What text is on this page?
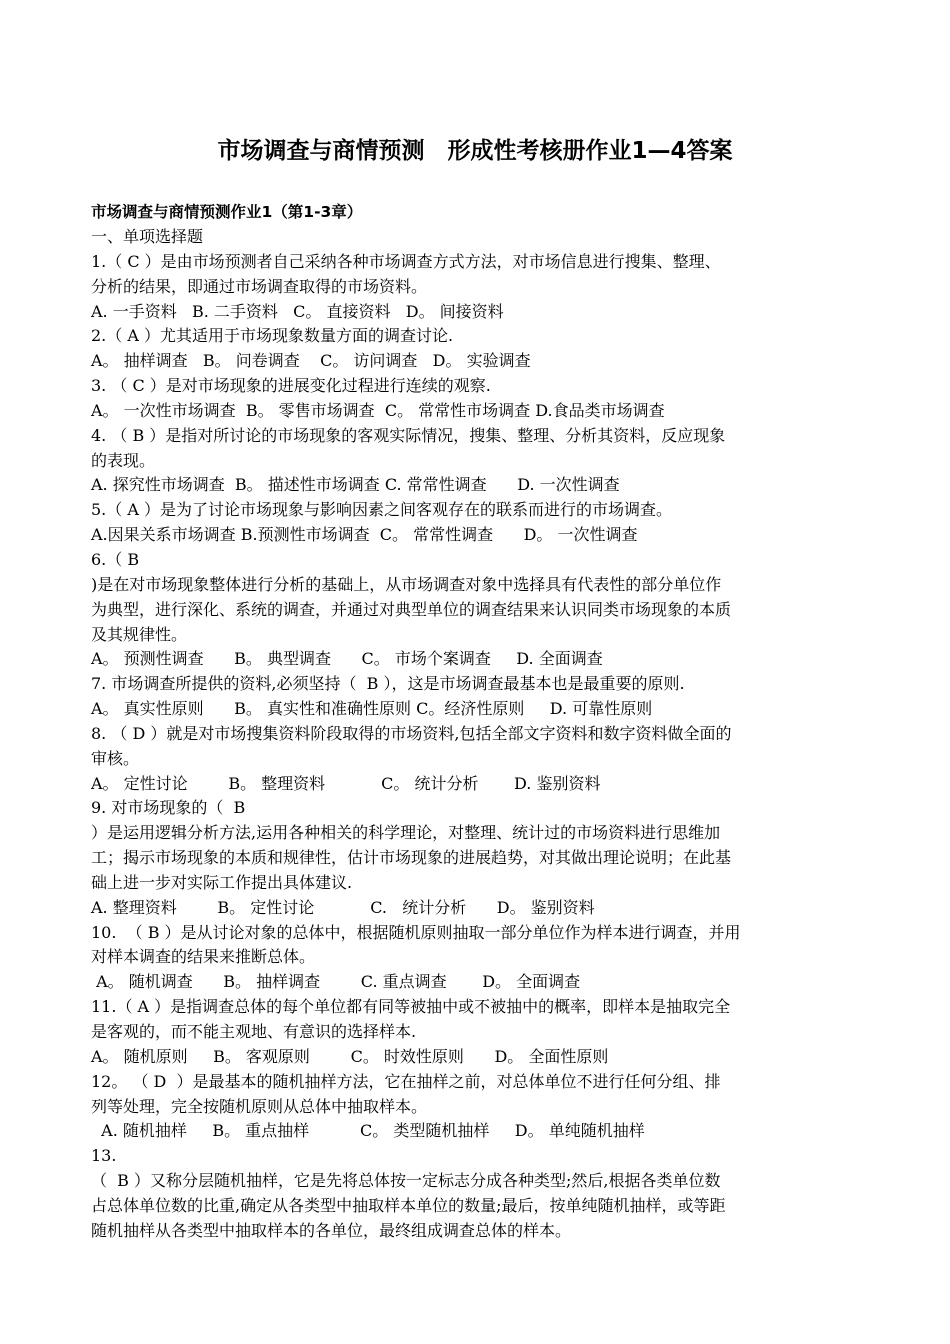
市场调查与商情预测　形成性考核册作业1—4答案
市场调查与商情预测作业1（第1-3章）
一、单项选择题
1.（ C ）是由市场预测者自己采纳各种市场调查方式方法，对市场信息进行搜集、整理、
分析的结果，即通过市场调查取得的市场资料。
A. 一手资料   B. 二手资料   C。 直接资料   D。 间接资料
2.（ A ）尤其适用于市场现象数量方面的调查讨论.
A。 抽样调查   B。 问卷调查    C。 访问调查   D。 实验调查
3. （ C ）是对市场现象的进展变化过程进行连续的观察.
A。 一次性市场调查  B。 零售市场调查  C。 常常性市场调查 D.食品类市场调查
4. （ B ）是指对所讨论的市场现象的客观实际情况，搜集、整理、分析其资料，反应现象
的表现。
A. 探究性市场调查  B。 描述性市场调查 C. 常常性调查      D. 一次性调查
5.（ A ）是为了讨论市场现象与影响因素之间客观存在的联系而进行的市场调查。
A.因果关系市场调查 B.预测性市场调查  C。 常常性调查      D。 一次性调查
6.（ B
)是在对市场现象整体进行分析的基础上，从市场调查对象中选择具有代表性的部分单位作
为典型，进行深化、系统的调查，并通过对典型单位的调查结果来认识同类市场现象的本质
及其规律性。
A。 预测性调查      B。 典型调查      C。 市场个案调查     D. 全面调查
7. 市场调查所提供的资料,必须坚持（  B ），这是市场调查最基本也是最重要的原则.
A。 真实性原则      B。 真实性和准确性原则 C。经济性原则     D. 可靠性原则
8. （ D ）就是对市场搜集资料阶段取得的市场资料,包括全部文字资料和数字资料做全面的
审核。
A。 定性讨论        B。 整理资料           C。 统计分析       D. 鉴别资料
9. 对市场现象的（  B
）是运用逻辑分析方法,运用各种相关的科学理论，对整理、统计过的市场资料进行思维加
工；揭示市场现象的本质和规律性，估计市场现象的进展趋势，对其做出理论说明；在此基
础上进一步对实际工作提出具体建议.
A. 整理资料        B。 定性讨论           C.   统计分析      D。 鉴别资料
10.  （ B ）是从讨论对象的总体中，根据随机原则抽取一部分单位作为样本进行调查，并用
对样本调查的结果来推断总体。
A。 随机调查      B。 抽样调查        C. 重点调查       D。 全面调查
11.（ A ）是指调查总体的每个单位都有同等被抽中或不被抽中的概率，即样本是抽取完全
是客观的，而不能主观地、有意识的选择样本.
A。 随机原则     B。 客观原则        C。 时效性原则      D。 全面性原则
12。 （ D  ）是最基本的随机抽样方法，它在抽样之前，对总体单位不进行任何分组、排
列等处理，完全按随机原则从总体中抽取样本。
A. 随机抽样     B。 重点抽样          C。 类型随机抽样     D。 单纯随机抽样
13.
（  B ）又称分层随机抽样，它是先将总体按一定标志分成各种类型;然后,根据各类单位数
占总体单位数的比重,确定从各类型中抽取样本单位的数量;最后，按单纯随机抽样，或等距
随机抽样从各类型中抽取样本的各单位，最终组成调查总体的样本。
